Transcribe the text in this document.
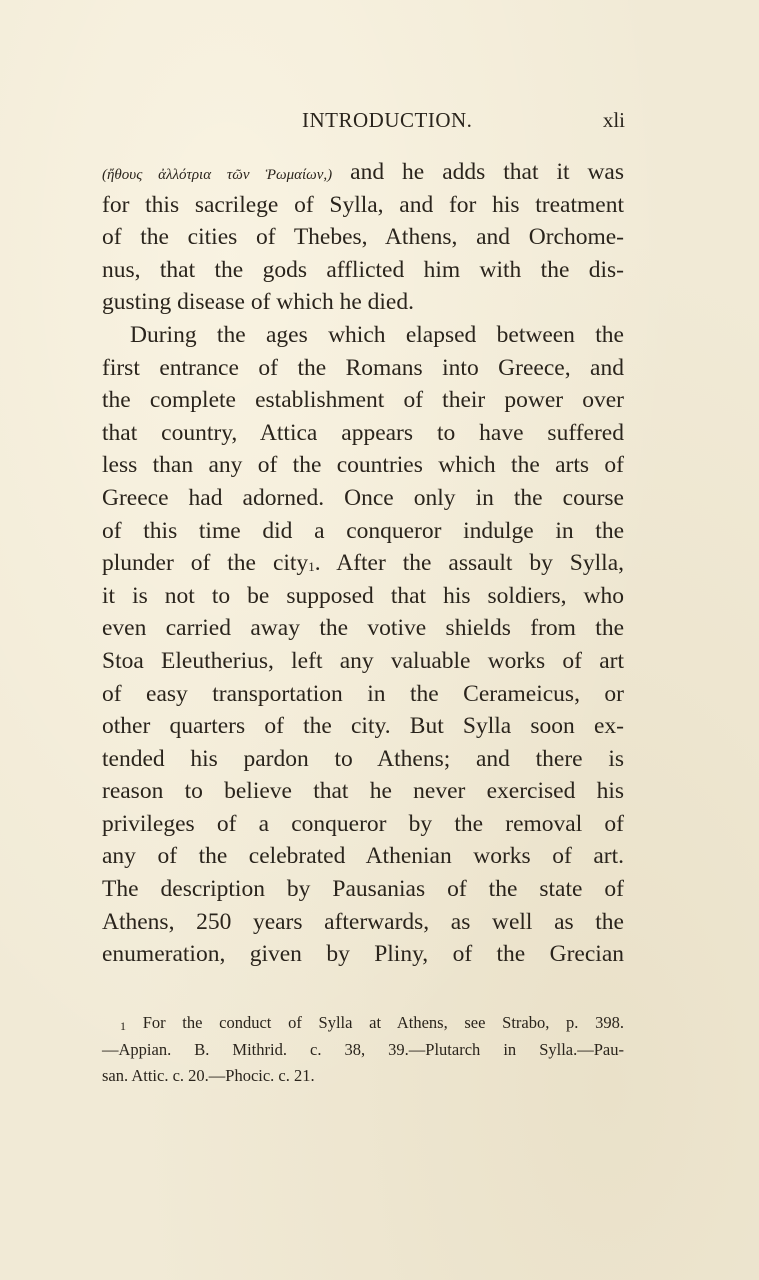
INTRODUCTION.	xli
(ἤθους ἀλλότρια τῶν Ῥωμαίων,) and he adds that it was
for this sacrilege of Sylla, and for his treatment
of the cities of Thebes, Athens, and Orchome-
nus, that the gods afflicted him with the dis-
gusting disease of which he died.
During the ages which elapsed between the
first entrance of the Romans into Greece, and
the complete establishment of their power over
that country, Attica appears to have suffered
less than any of the countries which the arts of
Greece had adorned. Once only in the course
of this time did a conqueror indulge in the
plunder of the city$^1$. After the assault by Sylla,
it is not to be supposed that his soldiers, who
even carried away the votive shields from the
Stoa Eleutherius, left any valuable works of art
of easy transportation in the Cerameicus, or
other quarters of the city. But Sylla soon ex-
tended his pardon to Athens; and there is
reason to believe that he never exercised his
privileges of a conqueror by the removal of
any of the celebrated Athenian works of art.
The description by Pausanias of the state of
Athens, 250 years afterwards, as well as the
enumeration, given by Pliny, of the Grecian
$^1$ For the conduct of Sylla at Athens, see Strabo, p. 398.
—Appian. B. Mithrid. c. 38, 39.—Plutarch in Sylla.—Pau-
san. Attic. c. 20.—Phocic. c. 21.
